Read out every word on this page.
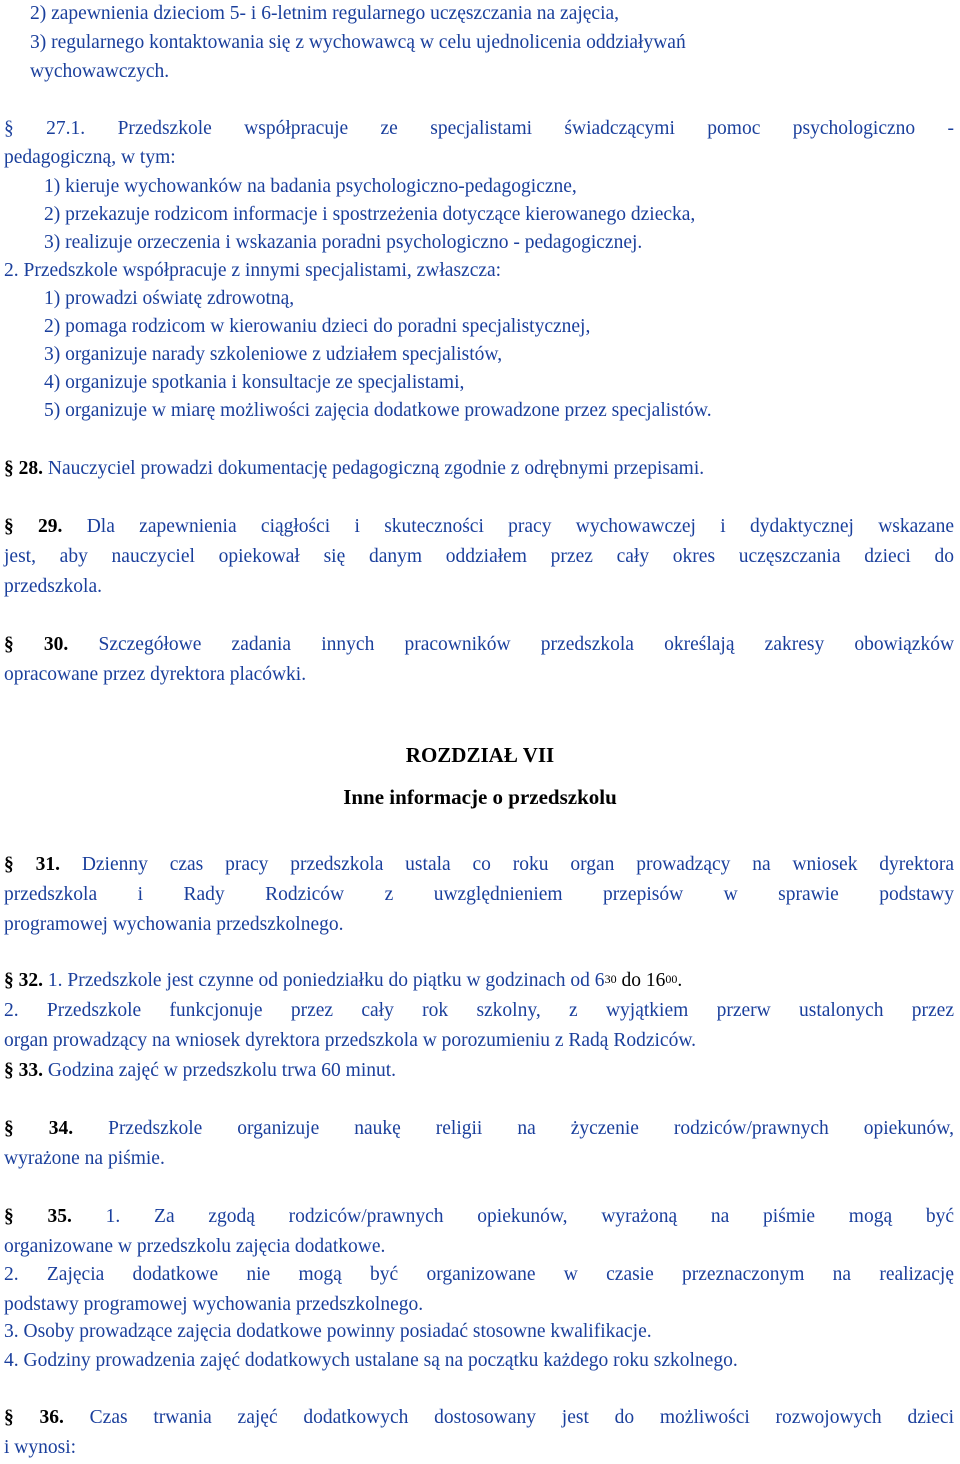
2) zapewnienia dzieciom 5- i 6-letnim regularnego uczęszczania na zajęcia,
3) regularnego kontaktowania się z wychowawcą w celu ujednolicenia oddziaływań
wychowawczych.
§ 27.1. Przedszkole współpracuje ze specjalistami świadczącymi pomoc psychologiczno -
pedagogiczną, w tym:
1) kieruje wychowanków na badania psychologiczno-pedagogiczne,
2) przekazuje rodzicom informacje i spostrzeżenia dotyczące kierowanego dziecka,
3) realizuje orzeczenia i wskazania poradni psychologiczno - pedagogicznej.
2. Przedszkole współpracuje z innymi specjalistami, zwłaszcza:
1) prowadzi oświatę zdrowotną,
2) pomaga rodzicom w kierowaniu dzieci do poradni specjalistycznej,
3) organizuje narady szkoleniowe z udziałem specjalistów,
4) organizuje spotkania i konsultacje ze specjalistami,
5) organizuje w miarę możliwości zajęcia dodatkowe prowadzone przez specjalistów.
§ 28. Nauczyciel prowadzi dokumentację pedagogiczną zgodnie z odrębnymi przepisami.
§ 29. Dla zapewnienia ciągłości i skuteczności pracy wychowawczej i dydaktycznej wskazane
jest, aby nauczyciel opiekował się danym oddziałem przez cały okres uczęszczania dzieci do
przedszkola.
§ 30. Szczegółowe zadania innych pracowników przedszkola określają zakresy obowiązków
opracowane przez dyrektora placówki.
ROZDZIAŁ VII
Inne informacje o przedszkolu
§ 31. Dzienny czas pracy przedszkola ustala co roku organ prowadzący na wniosek dyrektora
przedszkola i Rady Rodziców z uwzględnieniem przepisów w sprawie podstawy
programowej wychowania przedszkolnego.
§ 32. 1. Przedszkole jest czynne od poniedziałku do piątku w godzinach od $6^{30}$ do $16^{00}$.
2. Przedszkole funkcjonuje przez cały rok szkolny, z wyjątkiem przerw ustalonych przez
organ prowadzący na wniosek dyrektora przedszkola w porozumieniu z Radą Rodziców.
§ 33. Godzina zajęć w przedszkolu trwa 60 minut.
§ 34. Przedszkole organizuje naukę religii na życzenie rodziców/prawnych opiekunów,
wyrażone na piśmie.
§ 35. 1. Za zgodą rodziców/prawnych opiekunów, wyrażoną na piśmie mogą być
organizowane w przedszkolu zajęcia dodatkowe.
2. Zajęcia dodatkowe nie mogą być organizowane w czasie przeznaczonym na realizację
podstawy programowej wychowania przedszkolnego.
3. Osoby prowadzące zajęcia dodatkowe powinny posiadać stosowne kwalifikacje.
4. Godziny prowadzenia zajęć dodatkowych ustalane są na początku każdego roku szkolnego.
§ 36. Czas trwania zajęć dodatkowych dostosowany jest do możliwości rozwojowych dzieci
i wynosi:
